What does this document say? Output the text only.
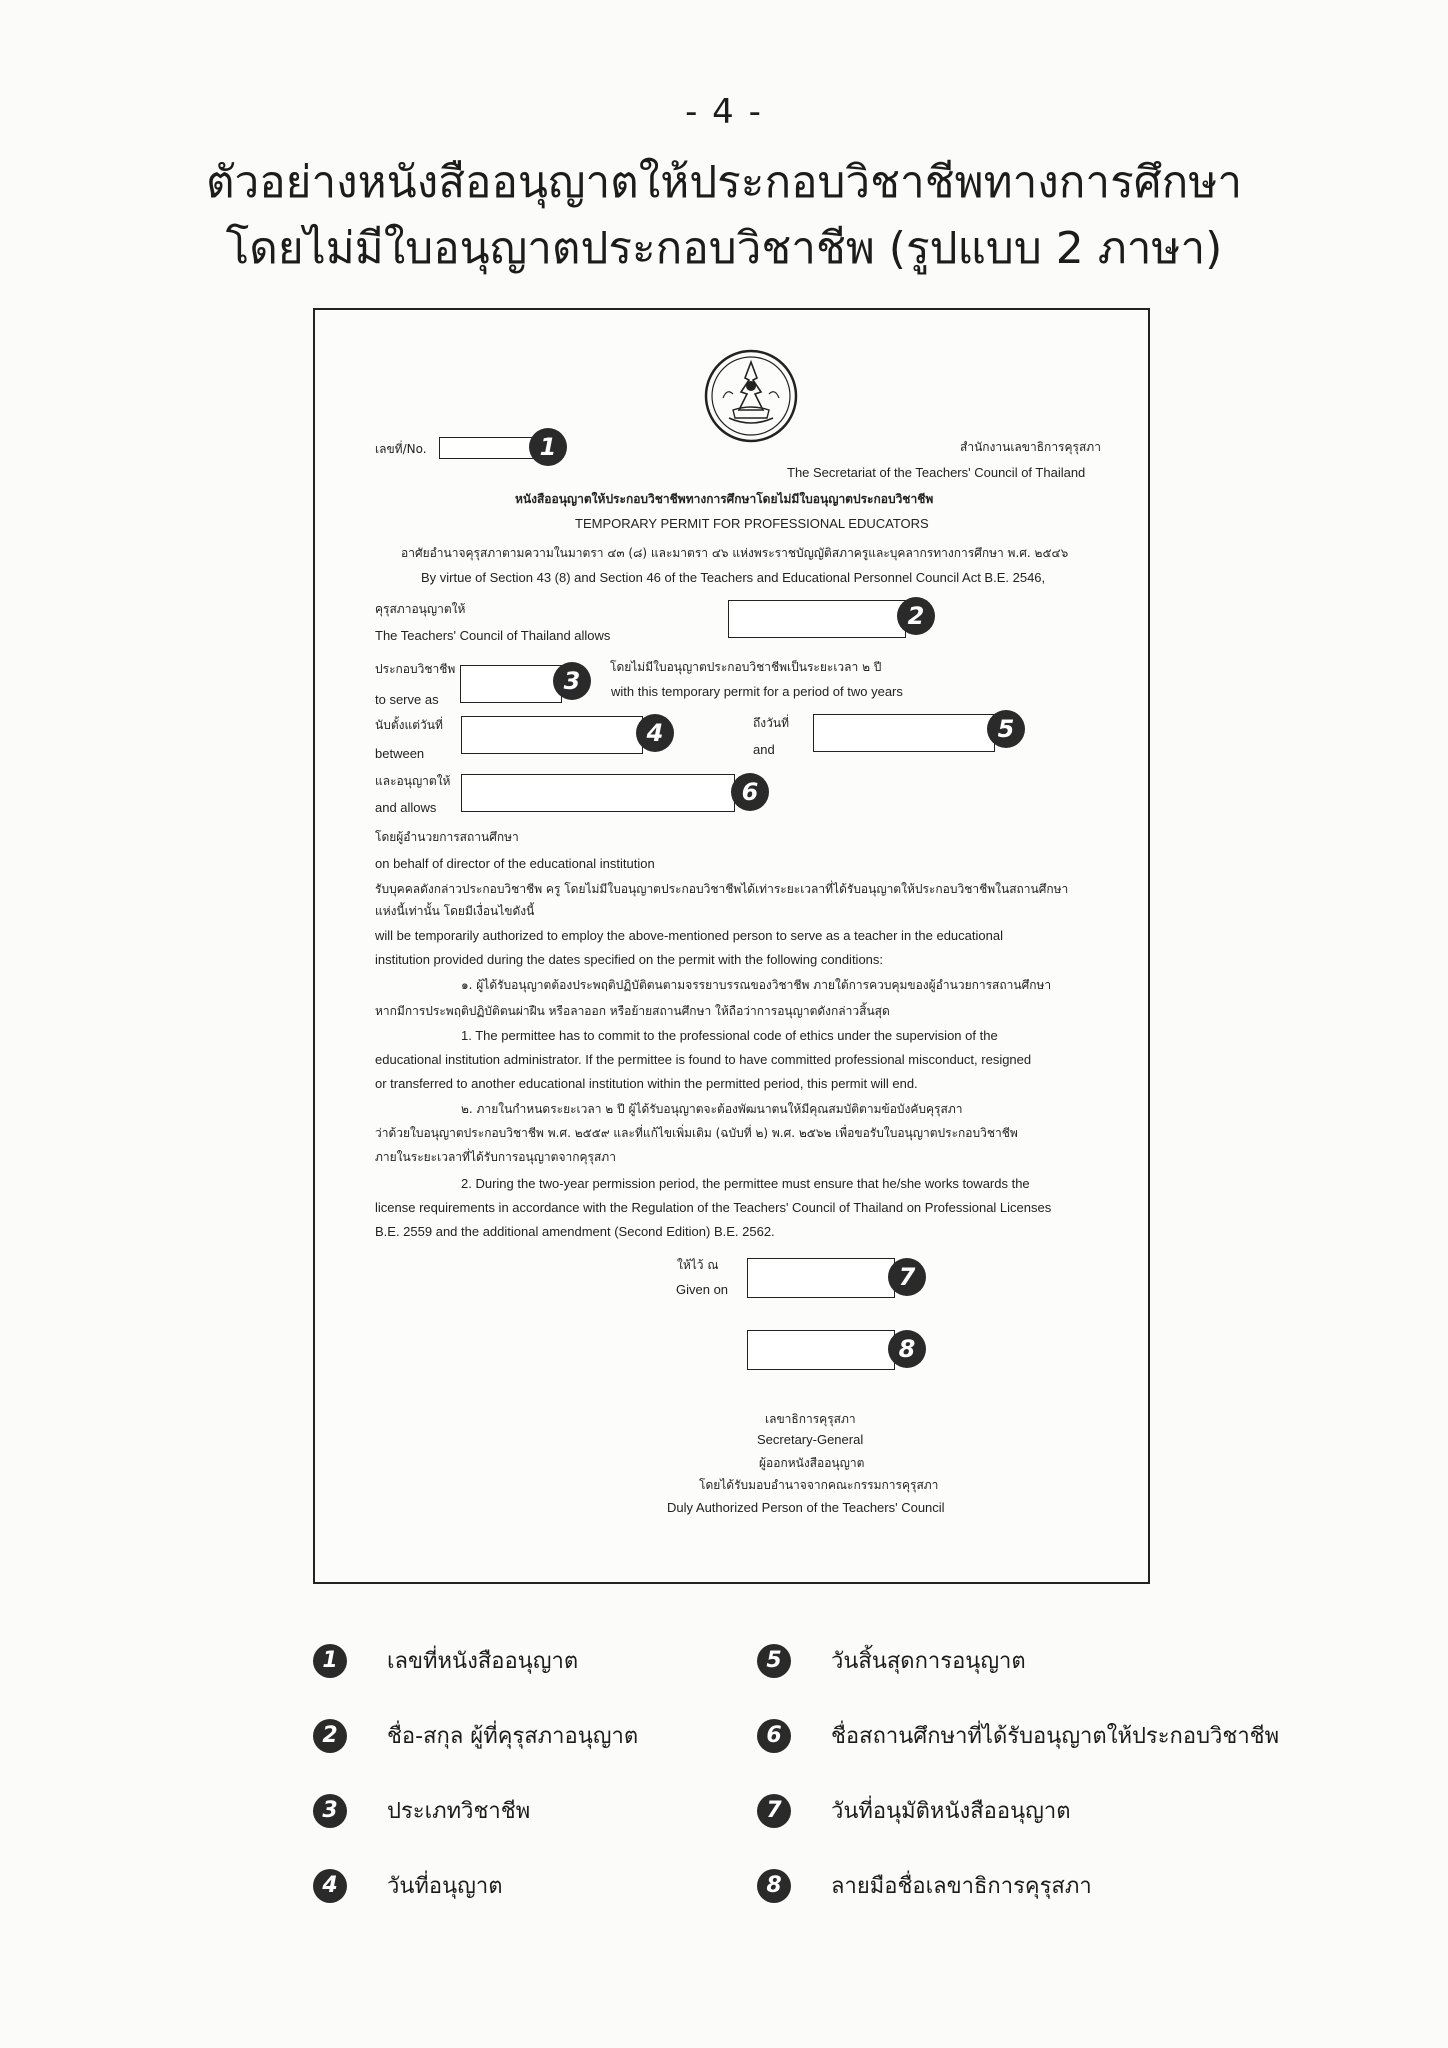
- 4 -
ตัวอย่างหนังสืออนุญาตให้ประกอบวิชาชีพทางการศึกษา
โดยไม่มีใบอนุญาตประกอบวิชาชีพ (รูปแบบ 2 ภาษา)
เลขที่/No.	1	สำนักงานเลขาธิการคุรุสภา
The Secretariat of the Teachers' Council of Thailand
หนังสืออนุญาตให้ประกอบวิชาชีพทางการศึกษาโดยไม่มีใบอนุญาตประกอบวิชาชีพ
TEMPORARY PERMIT FOR PROFESSIONAL EDUCATORS
อาศัยอำนาจคุรุสภาตามความในมาตรา ๔๓ (๘) และมาตรา ๔๖ แห่งพระราชบัญญัติสภาครูและบุคลากรทางการศึกษา พ.ศ. ๒๕๔๖
By virtue of Section 43 (8) and Section 46 of the Teachers and Educational Personnel Council Act B.E. 2546,
คุรุสภาอนุญาตให้
The Teachers' Council of Thailand allows
2
ประกอบวิชาชีพ
to serve as
3	โดยไม่มีใบอนุญาตประกอบวิชาชีพเป็นระยะเวลา ๒ ปี
with this temporary permit for a period of two years
นับตั้งแต่วันที่
between
4	ถึงวันที่
and
5
และอนุญาตให้
and allows
6
โดยผู้อำนวยการสถานศึกษา
on behalf of director of the educational institution
รับบุคคลดังกล่าวประกอบวิชาชีพ ครู โดยไม่มีใบอนุญาตประกอบวิชาชีพได้เท่าระยะเวลาที่ได้รับอนุญาตให้ประกอบวิชาชีพในสถานศึกษา
แห่งนี้เท่านั้น โดยมีเงื่อนไขดังนี้
will be temporarily authorized to employ the above-mentioned person to serve as a teacher in the educational
institution provided during the dates specified on the permit with the following conditions:
๑. ผู้ได้รับอนุญาตต้องประพฤติปฏิบัติตนตามจรรยาบรรณของวิชาชีพ ภายใต้การควบคุมของผู้อำนวยการสถานศึกษา
หากมีการประพฤติปฏิบัติตนผ่าฝืน หรือลาออก หรือย้ายสถานศึกษา ให้ถือว่าการอนุญาตดังกล่าวสิ้นสุด
1. The permittee has to commit to the professional code of ethics under the supervision of the
educational institution administrator. If the permittee is found to have committed professional misconduct, resigned
or transferred to another educational institution within the permitted period, this permit will end.
๒. ภายในกำหนดระยะเวลา ๒ ปี ผู้ได้รับอนุญาตจะต้องพัฒนาตนให้มีคุณสมบัติตามข้อบังคับคุรุสภา
ว่าด้วยใบอนุญาตประกอบวิชาชีพ พ.ศ. ๒๕๕๙ และที่แก้ไขเพิ่มเติม (ฉบับที่ ๒) พ.ศ. ๒๕๖๒ เพื่อขอรับใบอนุญาตประกอบวิชาชีพ
ภายในระยะเวลาที่ได้รับการอนุญาตจากคุรุสภา
2. During the two-year permission period, the permittee must ensure that he/she works towards the
license requirements in accordance with the Regulation of the Teachers' Council of Thailand on Professional Licenses
B.E. 2559 and the additional amendment (Second Edition) B.E. 2562.
ให้ไว้ ณ
Given on	7
8
เลขาธิการคุรุสภา
Secretary-General
ผู้ออกหนังสืออนุญาต
โดยได้รับมอบอำนาจจากคณะกรรมการคุรุสภา
Duly Authorized Person of the Teachers' Council
1	เลขที่หนังสืออนุญาต
2	ชื่อ-สกุล ผู้ที่คุรุสภาอนุญาต
3	ประเภทวิชาชีพ
4	วันที่อนุญาต
5	วันสิ้นสุดการอนุญาต
6	ชื่อสถานศึกษาที่ได้รับอนุญาตให้ประกอบวิชาชีพ
7	วันที่อนุมัติหนังสืออนุญาต
8	ลายมือชื่อเลขาธิการคุรุสภา
